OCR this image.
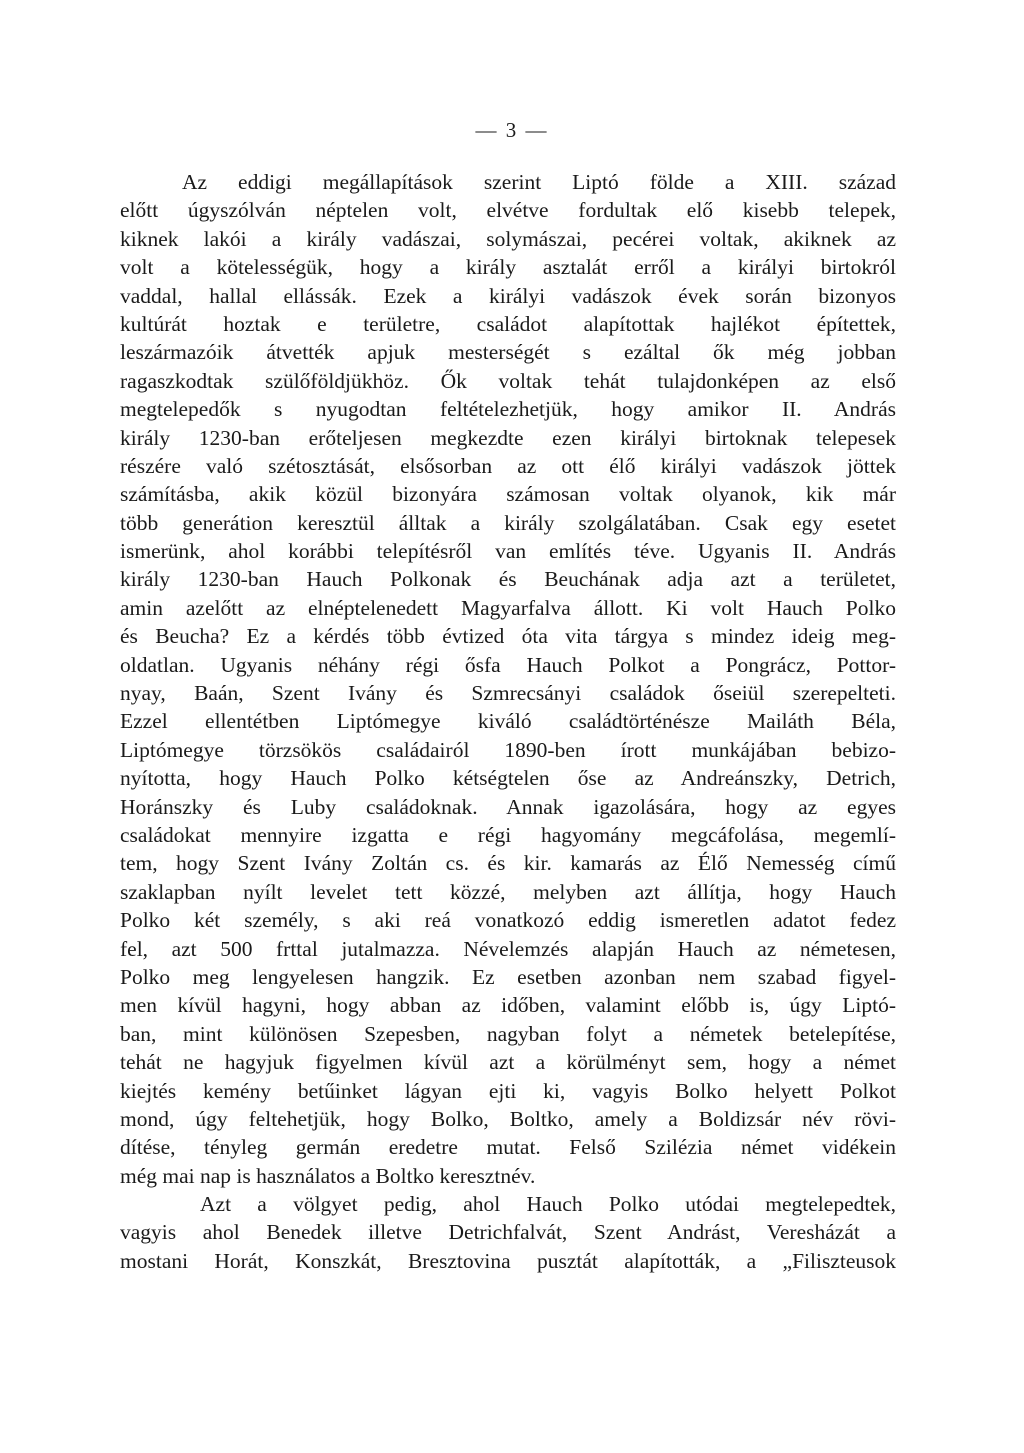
— 3 —
Az eddigi megállapítások szerint Liptó földe a XIII. század
előtt úgyszólván néptelen volt, elvétve fordultak elő kisebb telepek,
kiknek lakói a király vadászai, solymászai, pecérei voltak, akiknek az
volt a kötelességük, hogy a király asztalát erről a királyi birtokról
vaddal, hallal ellássák. Ezek a királyi vadászok évek során bizonyos
kultúrát hoztak e területre, családot alapítottak hajlékot építettek,
leszármazóik átvették apjuk mesterségét s ezáltal ők még jobban
ragaszkodtak szülőföldjükhöz. Ők voltak tehát tulajdonképen az első
megtelepedők s nyugodtan feltételezhetjük, hogy amikor II. András
király 1230-ban erőteljesen megkezdte ezen királyi birtoknak telepesek
részére való szétosztását, elsősorban az ott élő királyi vadászok jöttek
számításba, akik közül bizonyára számosan voltak olyanok, kik már
több generátion keresztül álltak a király szolgálatában. Csak egy esetet
ismerünk, ahol korábbi telepítésről van említés téve. Ugyanis II. András
király 1230-ban Hauch Polkonak és Beuchának adja azt a területet,
amin azelőtt az elnéptelenedett Magyarfalva állott. Ki volt Hauch Polko
és Beucha? Ez a kérdés több évtized óta vita tárgya s mindez ideig meg-
oldatlan. Ugyanis néhány régi ősfa Hauch Polkot a Pongrácz, Pottor-
nyay, Baán, Szent Ivány és Szmrecsányi családok őseiül szerepelteti.
Ezzel ellentétben Liptómegye kiváló családtörténésze Mailáth Béla,
Liptómegye törzsökös családairól 1890-ben írott munkájában bebizo-
nyította, hogy Hauch Polko kétségtelen őse az Andreánszky, Detrich,
Horánszky és Luby családoknak. Annak igazolására, hogy az egyes
családokat mennyire izgatta e régi hagyomány megcáfolása, megemlí-
tem, hogy Szent Ivány Zoltán cs. és kir. kamarás az Élő Nemesség című
szaklapban nyílt levelet tett közzé, melyben azt állítja, hogy Hauch
Polko két személy, s aki reá vonatkozó eddig ismeretlen adatot fedez
fel, azt 500 frttal jutalmazza. Névelemzés alapján Hauch az németesen,
Polko meg lengyelesen hangzik. Ez esetben azonban nem szabad figyel-
men kívül hagyni, hogy abban az időben, valamint előbb is, úgy Liptó-
ban, mint különösen Szepesben, nagyban folyt a németek betelepítése,
tehát ne hagyjuk figyelmen kívül azt a körülményt sem, hogy a német
kiejtés kemény betűinket lágyan ejti ki, vagyis Bolko helyett Polkot
mond, úgy feltehetjük, hogy Bolko, Boltko, amely a Boldizsár név rövi-
dítése, tényleg germán eredetre mutat. Felső Szilézia német vidékein
még mai nap is használatos a Boltko keresztnév.
Azt a völgyet pedig, ahol Hauch Polko utódai megtelepedtek,
vagyis ahol Benedek illetve Detrichfalvát, Szent Andrást, Veresházát a
mostani Horát, Konszkát, Bresztovina pusztát alapították, a „Filiszteusok
